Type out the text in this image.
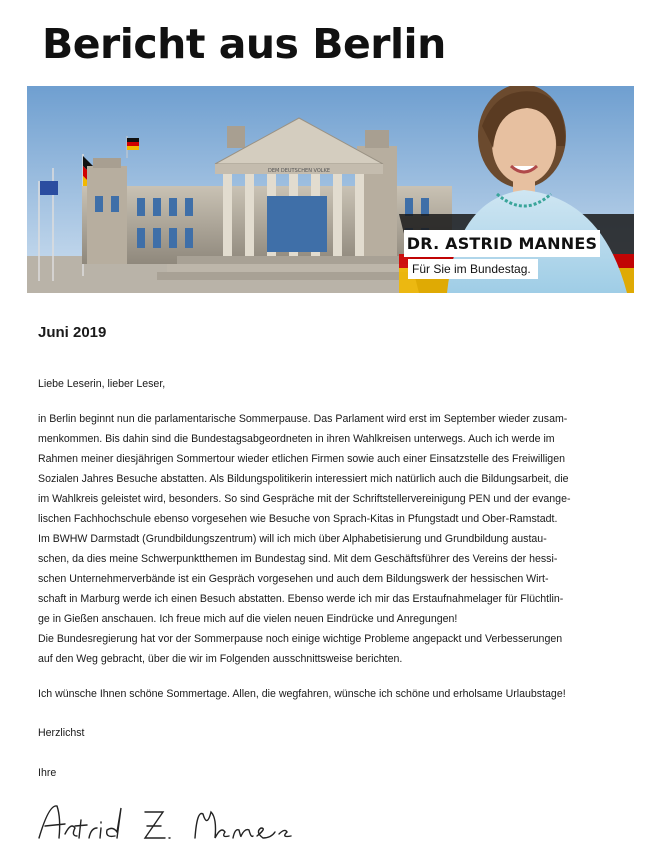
Bericht aus Berlin
DEM DEUTSCHEN VOLKE
DR. ASTRID MANNES
Für Sie im Bundestag.

Juni 2019

Liebe Leserin, lieber Leser,

in Berlin beginnt nun die parlamentarische Sommerpause. Das Parlament wird erst im September wieder zusam-
menkommen. Bis dahin sind die Bundestagsabgeordneten in ihren Wahlkreisen unterwegs. Auch ich werde im
Rahmen meiner diesjährigen Sommertour wieder etlichen Firmen sowie auch einer Einsatzstelle des Freiwilligen
Sozialen Jahres Besuche abstatten. Als Bildungspolitikerin interessiert mich natürlich auch die Bildungsarbeit, die
im Wahlkreis geleistet wird, besonders. So sind Gespräche mit der Schriftstellervereinigung PEN und der evange-
lischen Fachhochschule ebenso vorgesehen wie Besuche von Sprach-Kitas in Pfungstadt und Ober-Ramstadt.
Im BWHW Darmstadt (Grundbildungszentrum) will ich mich über Alphabetisierung und Grundbildung austau-
schen, da dies meine Schwerpunktthemen im Bundestag sind. Mit dem Geschäftsführer des Vereins der hessi-
schen Unternehmerverbände ist ein Gespräch vorgesehen und auch dem Bildungswerk der hessischen Wirt-
schaft in Marburg werde ich einen Besuch abstatten. Ebenso werde ich mir das Erstaufnahmelager für Flüchtlin-
ge in Gießen anschauen. Ich freue mich auf die vielen neuen Eindrücke und Anregungen!
Die Bundesregierung hat vor der Sommerpause noch einige wichtige Probleme angepackt und Verbesserungen
auf den Weg gebracht, über die wir im Folgenden ausschnittsweise berichten.

Ich wünsche Ihnen schöne Sommertage. Allen, die wegfahren, wünsche ich schöne und erholsame Urlaubstage!

Herzlichst

Ihre
